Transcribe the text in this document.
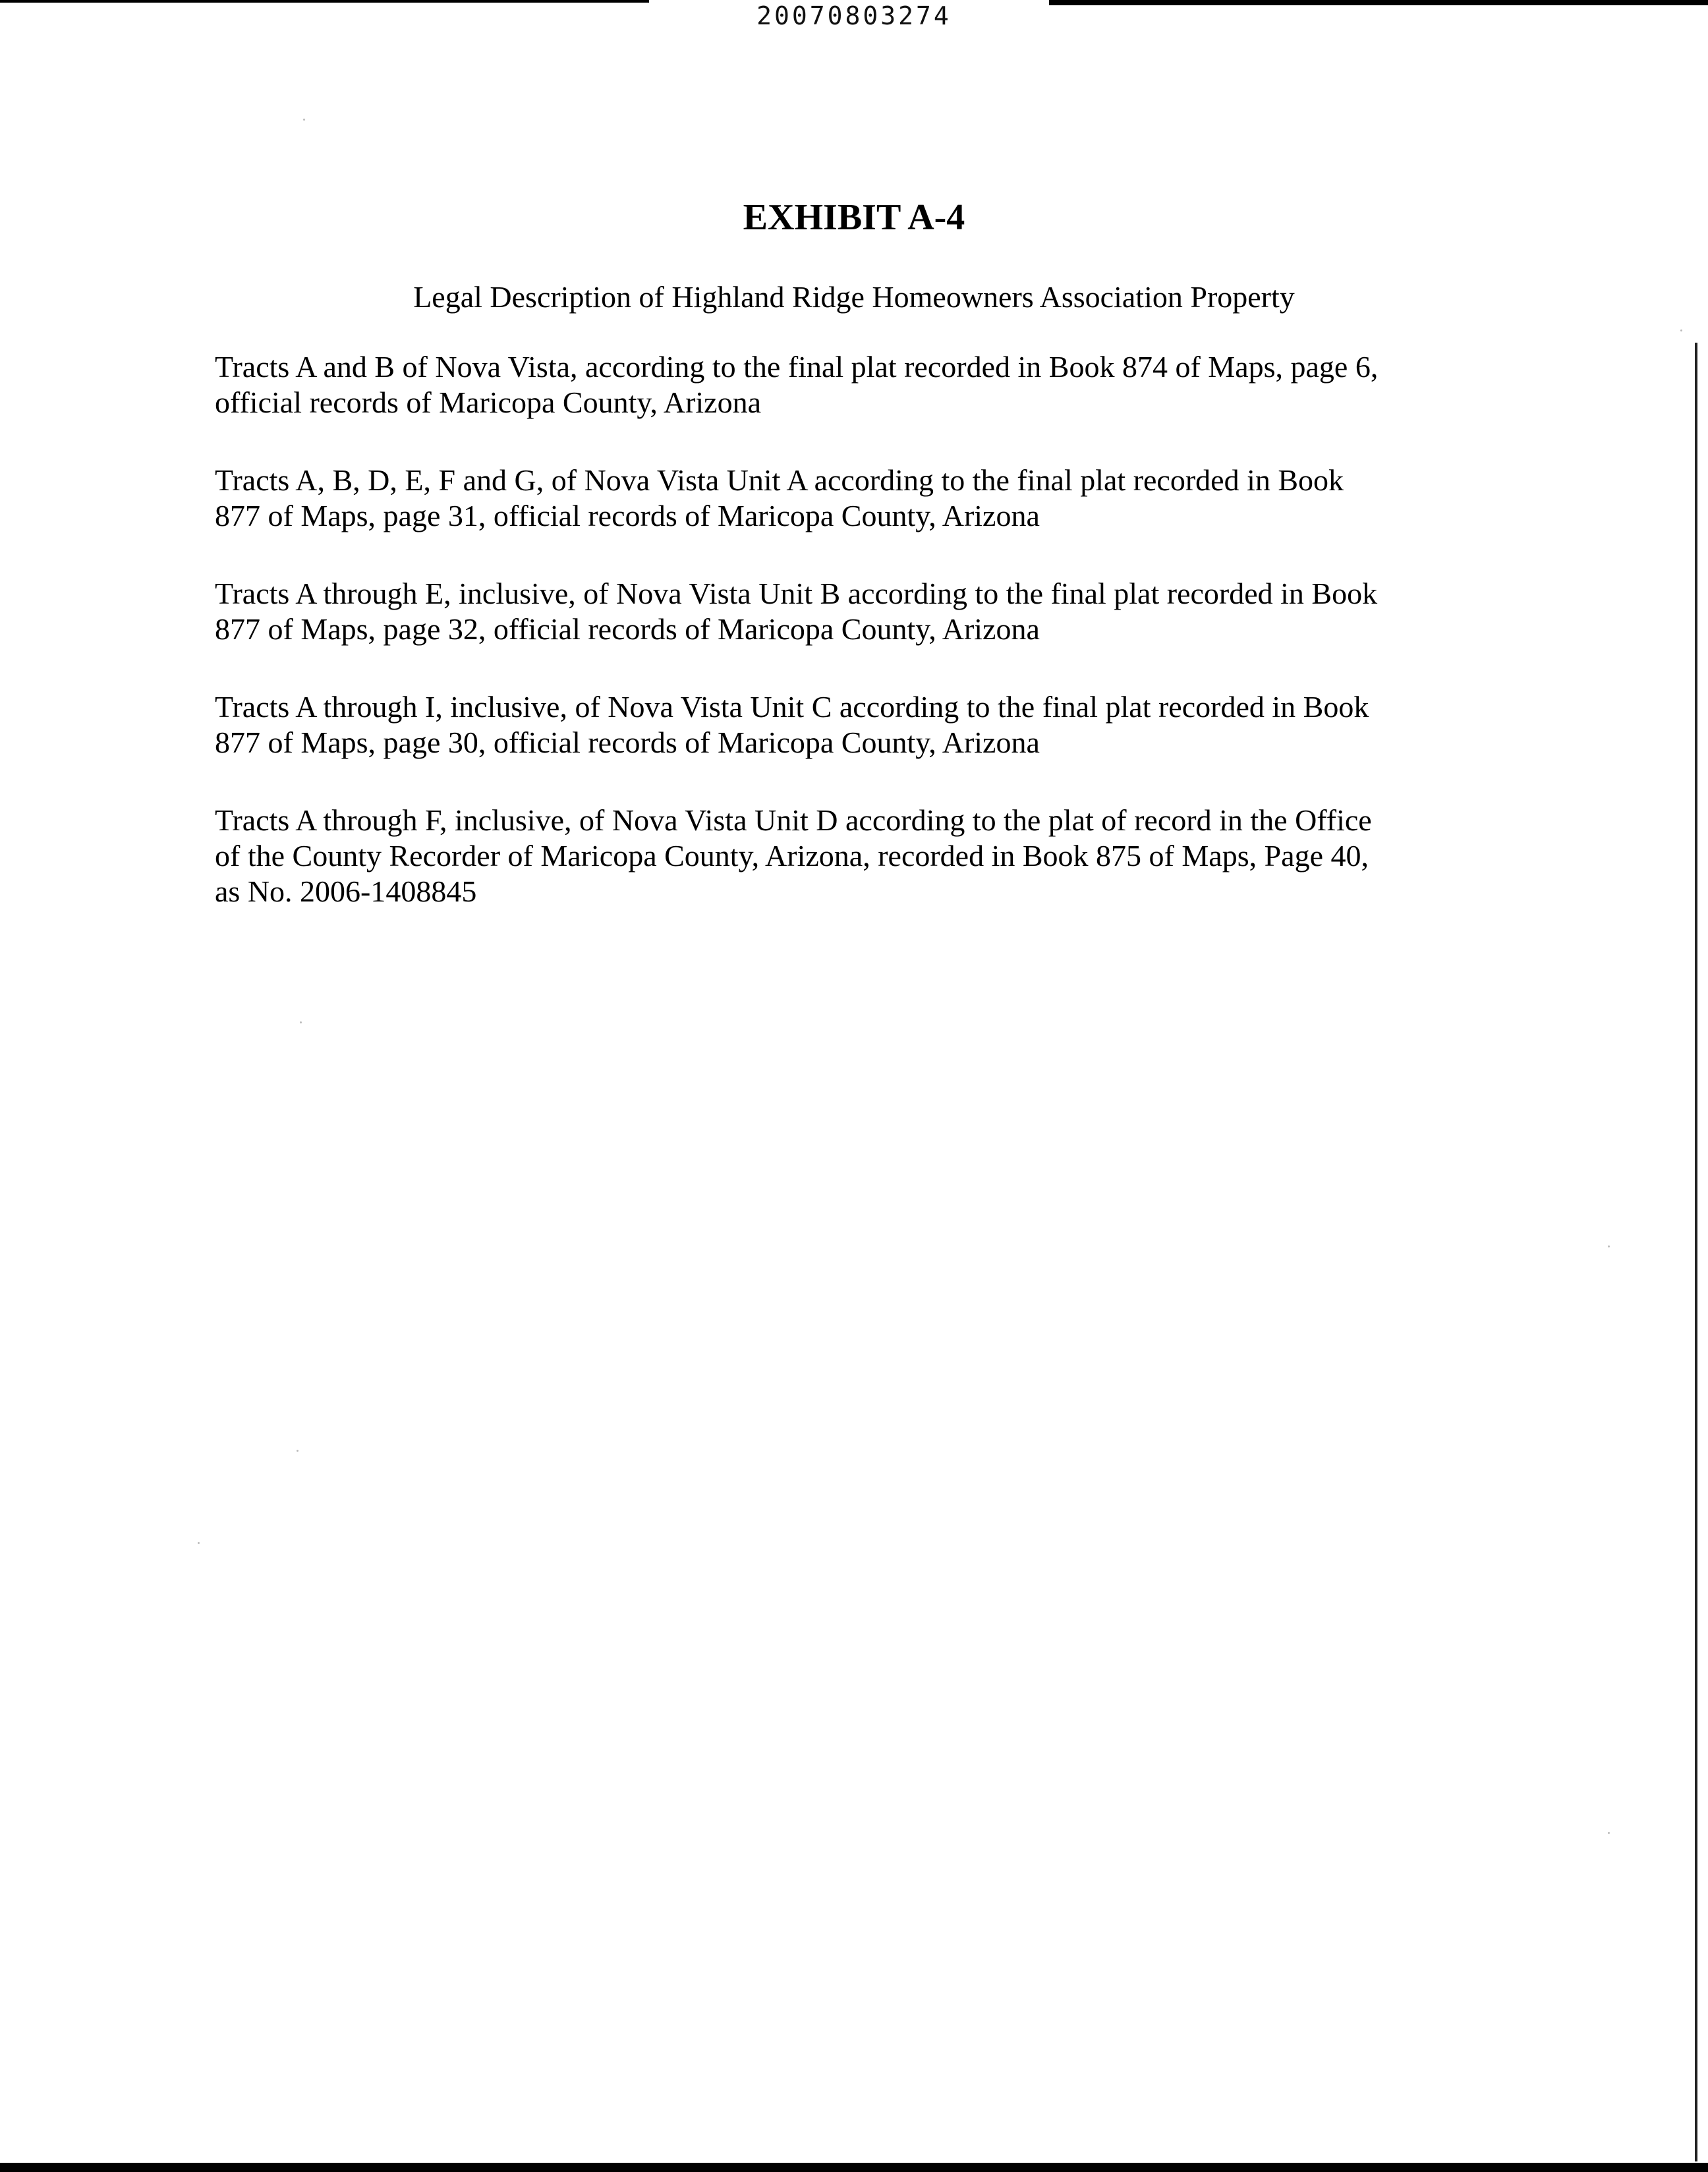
20070803274
EXHIBIT A-4
Legal Description of Highland Ridge Homeowners Association Property
Tracts A and B of Nova Vista, according to the final plat recorded in Book 874 of Maps, page 6,
official records of Maricopa County, Arizona
Tracts A, B, D, E, F and G, of Nova Vista Unit A according to the final plat recorded in Book
877 of Maps, page 31, official records of Maricopa County, Arizona
Tracts A through E, inclusive, of Nova Vista Unit B according to the final plat recorded in Book
877 of Maps, page 32, official records of Maricopa County, Arizona
Tracts A through I, inclusive, of Nova Vista Unit C according to the final plat recorded in Book
877 of Maps, page 30, official records of Maricopa County, Arizona
Tracts A through F, inclusive, of Nova Vista Unit D according to the plat of record in the Office
of the County Recorder of Maricopa County, Arizona, recorded in Book 875 of Maps, Page 40,
as No. 2006-1408845
